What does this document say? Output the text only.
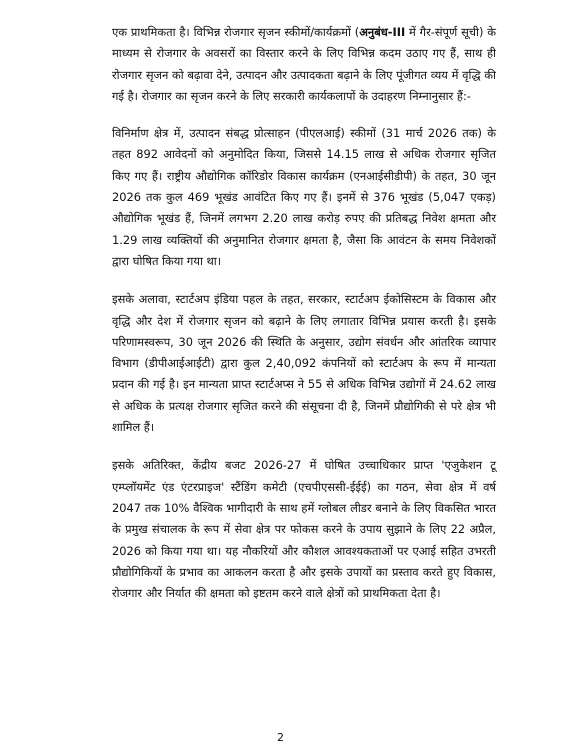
एक प्राथमिकता है। विभिन्न रोजगार सृजन स्कीमों/कार्यक्रमों (अनुबंध-III में गैर-संपूर्ण सूची) के माध्यम से रोजगार के अवसरों का विस्तार करने के लिए विभिन्न कदम उठाए गए हैं, साथ ही रोजगार सृजन को बढ़ावा देने, उत्पादन और उत्पादकता बढ़ाने के लिए पूंजीगत व्यय में वृद्धि की गई है। रोजगार का सृजन करने के लिए सरकारी कार्यकलापों के उदाहरण निम्नानुसार हैं:-

विनिर्माण क्षेत्र में, उत्पादन संबद्ध प्रोत्साहन (पीएलआई) स्कीमों (31 मार्च 2026 तक) के तहत 892 आवेदनों को अनुमोदित किया, जिससे 14.15 लाख से अधिक रोजगार सृजित किए गए हैं। राष्ट्रीय औद्योगिक कॉरिडोर विकास कार्यक्रम (एनआईसीडीपी) के तहत, 30 जून 2026 तक कुल 469 भूखंड आवंटित किए गए हैं। इनमें से 376 भूखंड (5,047 एकड़) औद्योगिक भूखंड हैं, जिनमें लगभग 2.20 लाख करोड़ रुपए की प्रतिबद्ध निवेश क्षमता और 1.29 लाख व्यक्तियों की अनुमानित रोजगार क्षमता है, जैसा कि आवंटन के समय निवेशकों द्वारा घोषित किया गया था।

इसके अलावा, स्टार्टअप इंडिया पहल के तहत, सरकार, स्टार्टअप ईकोसिस्टम के विकास और वृद्धि और देश में रोजगार सृजन को बढ़ाने के लिए लगातार विभिन्न प्रयास करती है। इसके परिणामस्वरूप, 30 जून 2026 की स्थिति के अनुसार, उद्योग संवर्धन और आंतरिक व्यापार विभाग (डीपीआईआईटी) द्वारा कुल 2,40,092 कंपनियों को स्टार्टअप के रूप में मान्यता प्रदान की गई है। इन मान्यता प्राप्त स्टार्टअप्स ने 55 से अधिक विभिन्न उद्योगों में 24.62 लाख से अधिक के प्रत्यक्ष रोजगार सृजित करने की संसूचना दी है, जिनमें प्रौद्योगिकी से परे क्षेत्र भी शामिल हैं।

इसके अतिरिक्त, केंद्रीय बजट 2026-27 में घोषित उच्चाधिकार प्राप्त 'एजुकेशन टू एम्प्लॉयमेंट एंड एंटरप्राइज' स्टैंडिंग कमेटी (एचपीएससी-ईईई) का गठन, सेवा क्षेत्र में वर्ष 2047 तक 10% वैश्विक भागीदारी के साथ हमें ग्लोबल लीडर बनाने के लिए विकसित भारत के प्रमुख संचालक के रूप में सेवा क्षेत्र पर फोकस करने के उपाय सुझाने के लिए 22 अप्रैल, 2026 को किया गया था। यह नौकरियों और कौशल आवश्यकताओं पर एआई सहित उभरती प्रौद्योगिकियों के प्रभाव का आकलन करता है और इसके उपायों का प्रस्ताव करते हुए विकास, रोजगार और निर्यात की क्षमता को इष्टतम करने वाले क्षेत्रों को प्राथमिकता देता है।

2
